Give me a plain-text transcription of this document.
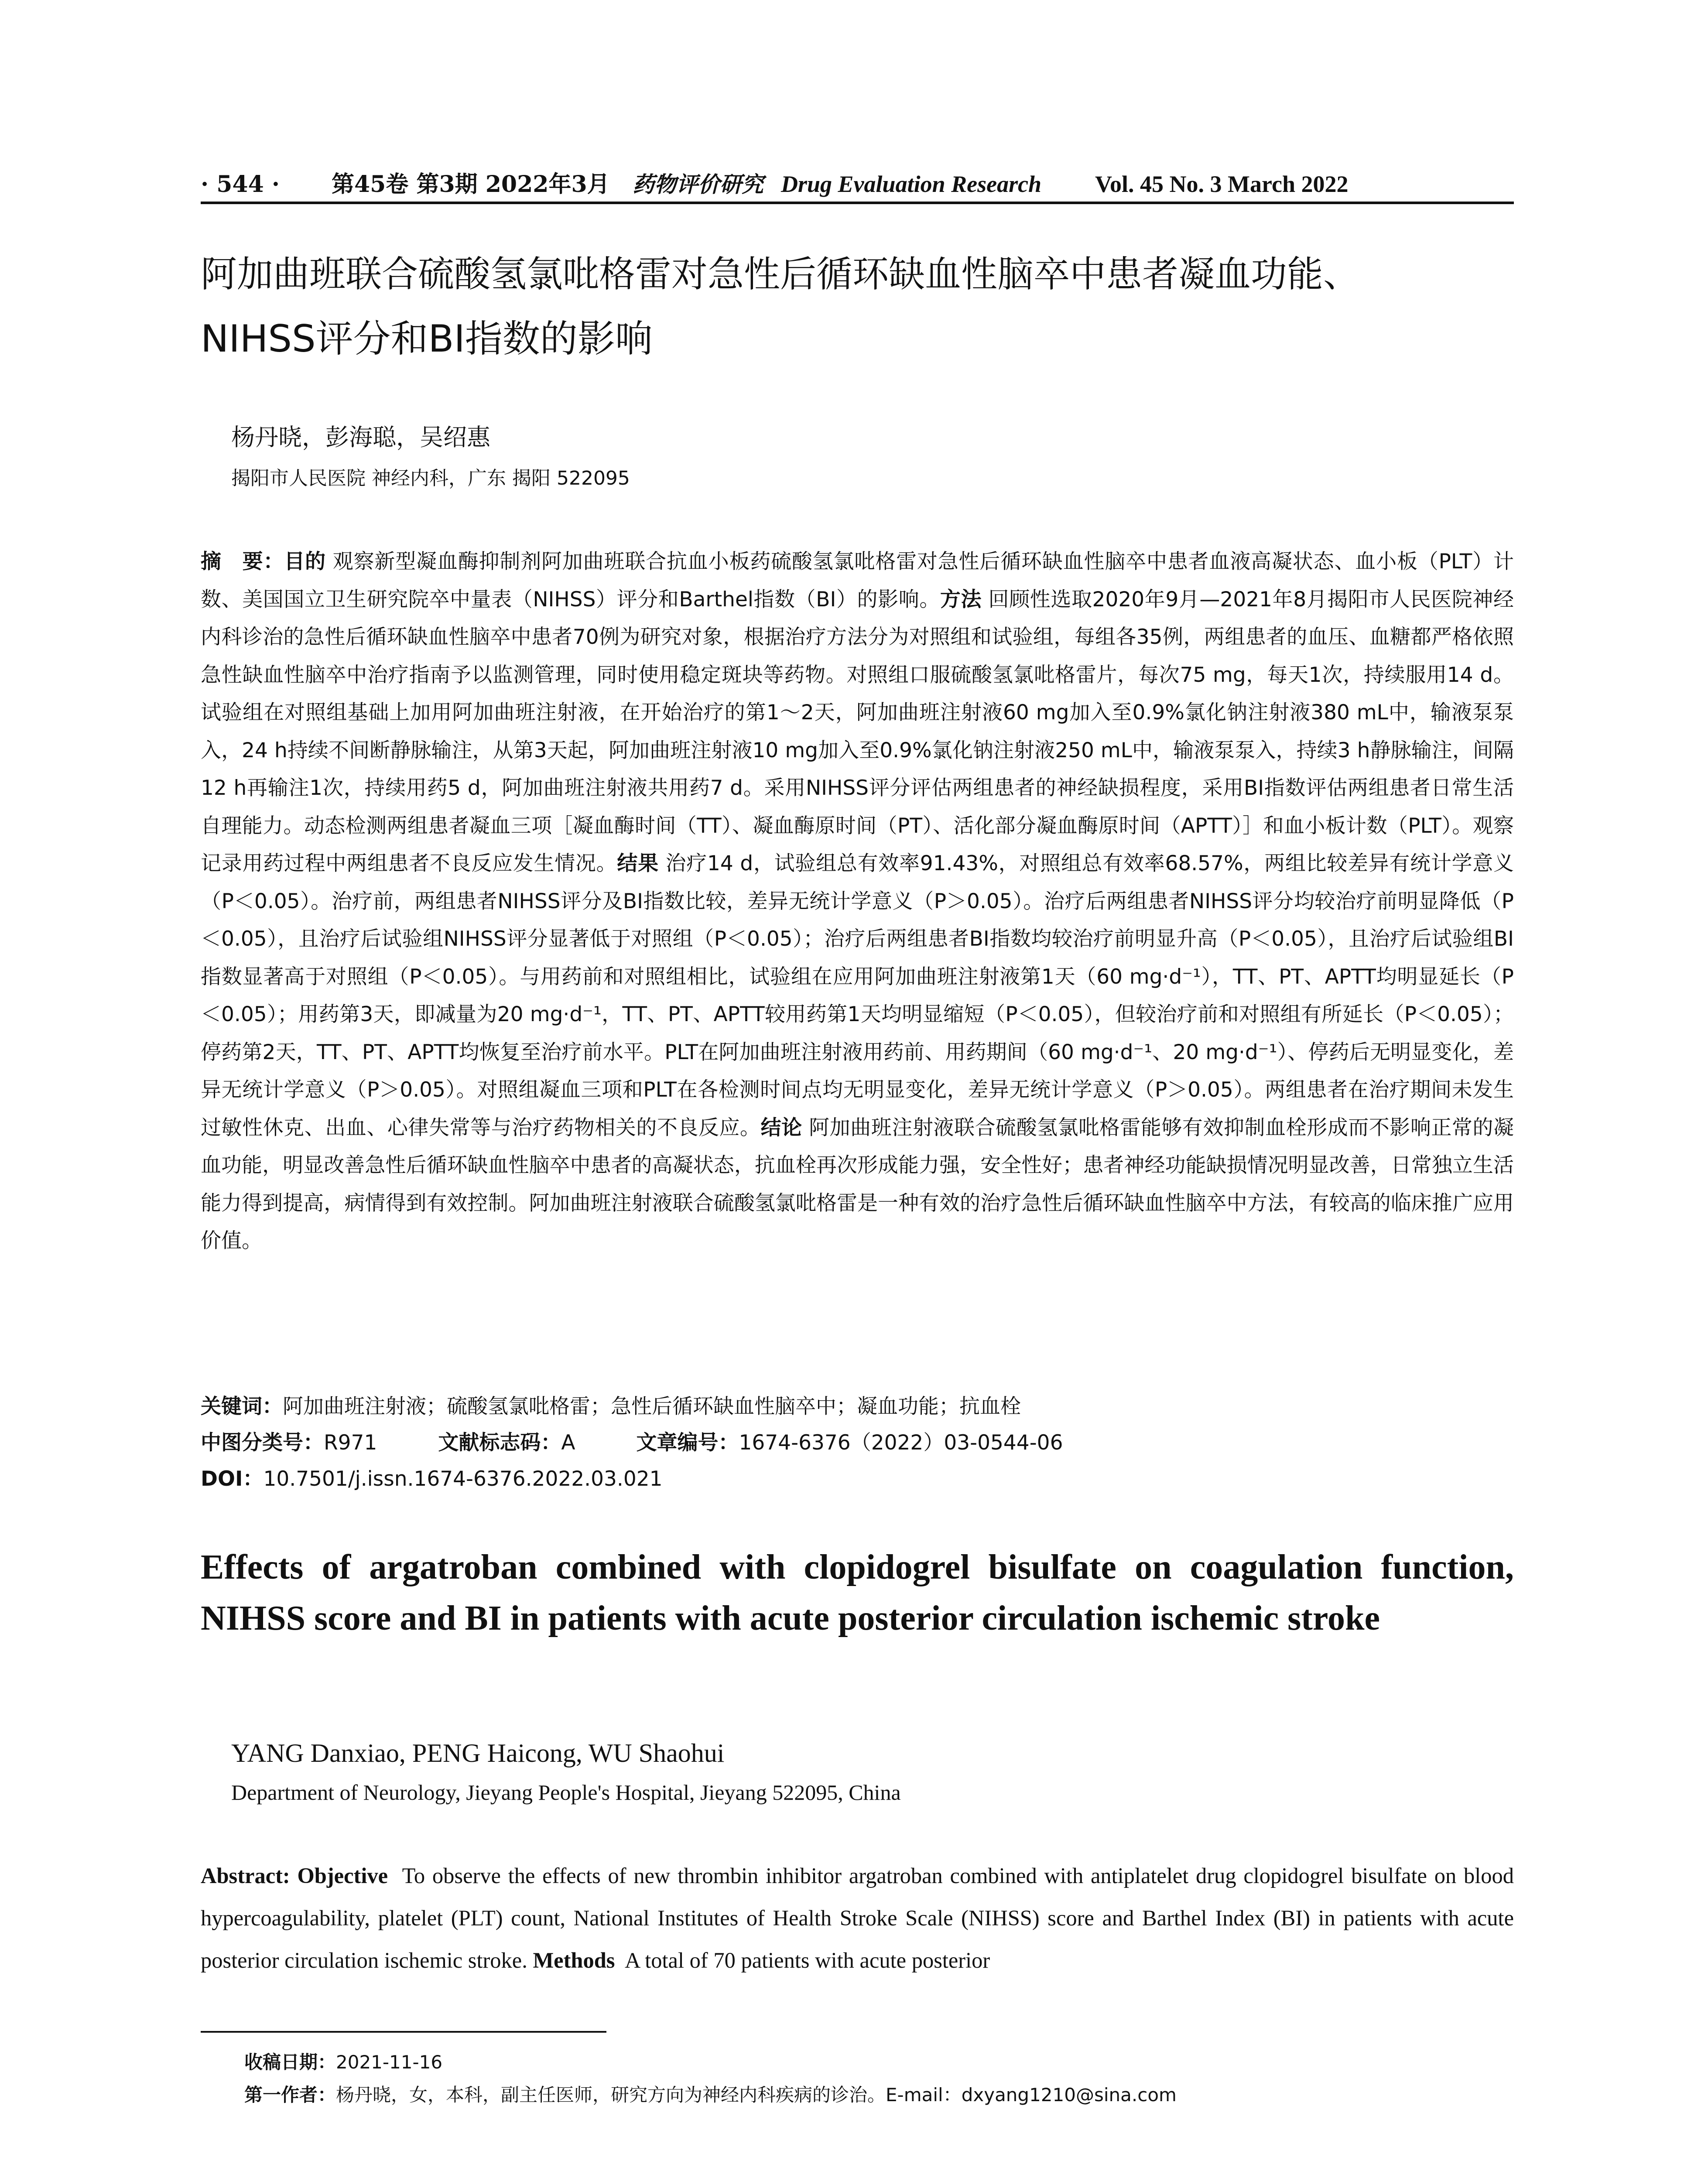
· 544 · 第45卷 第3期 2022年3月 药物评价研究 Drug Evaluation Research Vol. 45 No. 3 March 2022
阿加曲班联合硫酸氢氯吡格雷对急性后循环缺血性脑卒中患者凝血功能、
NIHSS评分和BI指数的影响
杨丹晓，彭海聪，吴绍惠
揭阳市人民医院 神经内科，广东 揭阳 522095
摘　要：目的 观察新型凝血酶抑制剂阿加曲班联合抗血小板药硫酸氢氯吡格雷对急性后循环缺血性脑卒中患者血液高凝状态、血小板（PLT）计数、美国国立卫生研究院卒中量表（NIHSS）评分和Barthel指数（BI）的影响。方法 回顾性选取2020年9月—2021年8月揭阳市人民医院神经内科诊治的急性后循环缺血性脑卒中患者70例为研究对象，根据治疗方法分为对照组和试验组，每组各35例，两组患者的血压、血糖都严格依照急性缺血性脑卒中治疗指南予以监测管理，同时使用稳定斑块等药物。对照组口服硫酸氢氯吡格雷片，每次75 mg，每天1次，持续服用14 d。试验组在对照组基础上加用阿加曲班注射液，在开始治疗的第1～2天，阿加曲班注射液60 mg加入至0.9%氯化钠注射液380 mL中，输液泵泵入，24 h持续不间断静脉输注，从第3天起，阿加曲班注射液10 mg加入至0.9%氯化钠注射液250 mL中，输液泵泵入，持续3 h静脉输注，间隔12 h再输注1次，持续用药5 d，阿加曲班注射液共用药7 d。采用NIHSS评分评估两组患者的神经缺损程度，采用BI指数评估两组患者日常生活自理能力。动态检测两组患者凝血三项［凝血酶时间（TT）、凝血酶原时间（PT）、活化部分凝血酶原时间（APTT）］和血小板计数（PLT）。观察记录用药过程中两组患者不良反应发生情况。结果 治疗14 d，试验组总有效率91.43%，对照组总有效率68.57%，两组比较差异有统计学意义（P＜0.05）。治疗前，两组患者NIHSS评分及BI指数比较，差异无统计学意义（P＞0.05）。治疗后两组患者NIHSS评分均较治疗前明显降低（P＜0.05），且治疗后试验组NIHSS评分显著低于对照组（P＜0.05）；治疗后两组患者BI指数均较治疗前明显升高（P＜0.05），且治疗后试验组BI指数显著高于对照组（P＜0.05）。与用药前和对照组相比，试验组在应用阿加曲班注射液第1天（60 mg·d⁻¹），TT、PT、APTT均明显延长（P＜0.05）；用药第3天，即减量为20 mg·d⁻¹，TT、PT、APTT较用药第1天均明显缩短（P＜0.05），但较治疗前和对照组有所延长（P＜0.05）；停药第2天，TT、PT、APTT均恢复至治疗前水平。PLT在阿加曲班注射液用药前、用药期间（60 mg·d⁻¹、20 mg·d⁻¹）、停药后无明显变化，差异无统计学意义（P＞0.05）。对照组凝血三项和PLT在各检测时间点均无明显变化，差异无统计学意义（P＞0.05）。两组患者在治疗期间未发生过敏性休克、出血、心律失常等与治疗药物相关的不良反应。结论 阿加曲班注射液联合硫酸氢氯吡格雷能够有效抑制血栓形成而不影响正常的凝血功能，明显改善急性后循环缺血性脑卒中患者的高凝状态，抗血栓再次形成能力强，安全性好；患者神经功能缺损情况明显改善，日常独立生活能力得到提高，病情得到有效控制。阿加曲班注射液联合硫酸氢氯吡格雷是一种有效的治疗急性后循环缺血性脑卒中方法，有较高的临床推广应用价值。
关键词：阿加曲班注射液；硫酸氢氯吡格雷；急性后循环缺血性脑卒中；凝血功能；抗血栓
中图分类号：R971	文献标志码：A	文章编号：1674-6376（2022）03-0544-06
DOI：10.7501/j.issn.1674-6376.2022.03.021
Effects of argatroban combined with clopidogrel bisulfate on coagulation function, NIHSS score and BI in patients with acute posterior circulation ischemic stroke
YANG Danxiao, PENG Haicong, WU Shaohui
Department of Neurology, Jieyang People's Hospital, Jieyang 522095, China
Abstract: Objective To observe the effects of new thrombin inhibitor argatroban combined with antiplatelet drug clopidogrel bisulfate on blood hypercoagulability, platelet (PLT) count, National Institutes of Health Stroke Scale (NIHSS) score and Barthel Index (BI) in patients with acute posterior circulation ischemic stroke. Methods A total of 70 patients with acute posterior
收稿日期：2021-11-16
第一作者：杨丹晓，女，本科，副主任医师，研究方向为神经内科疾病的诊治。E-mail：dxyang1210@sina.com
